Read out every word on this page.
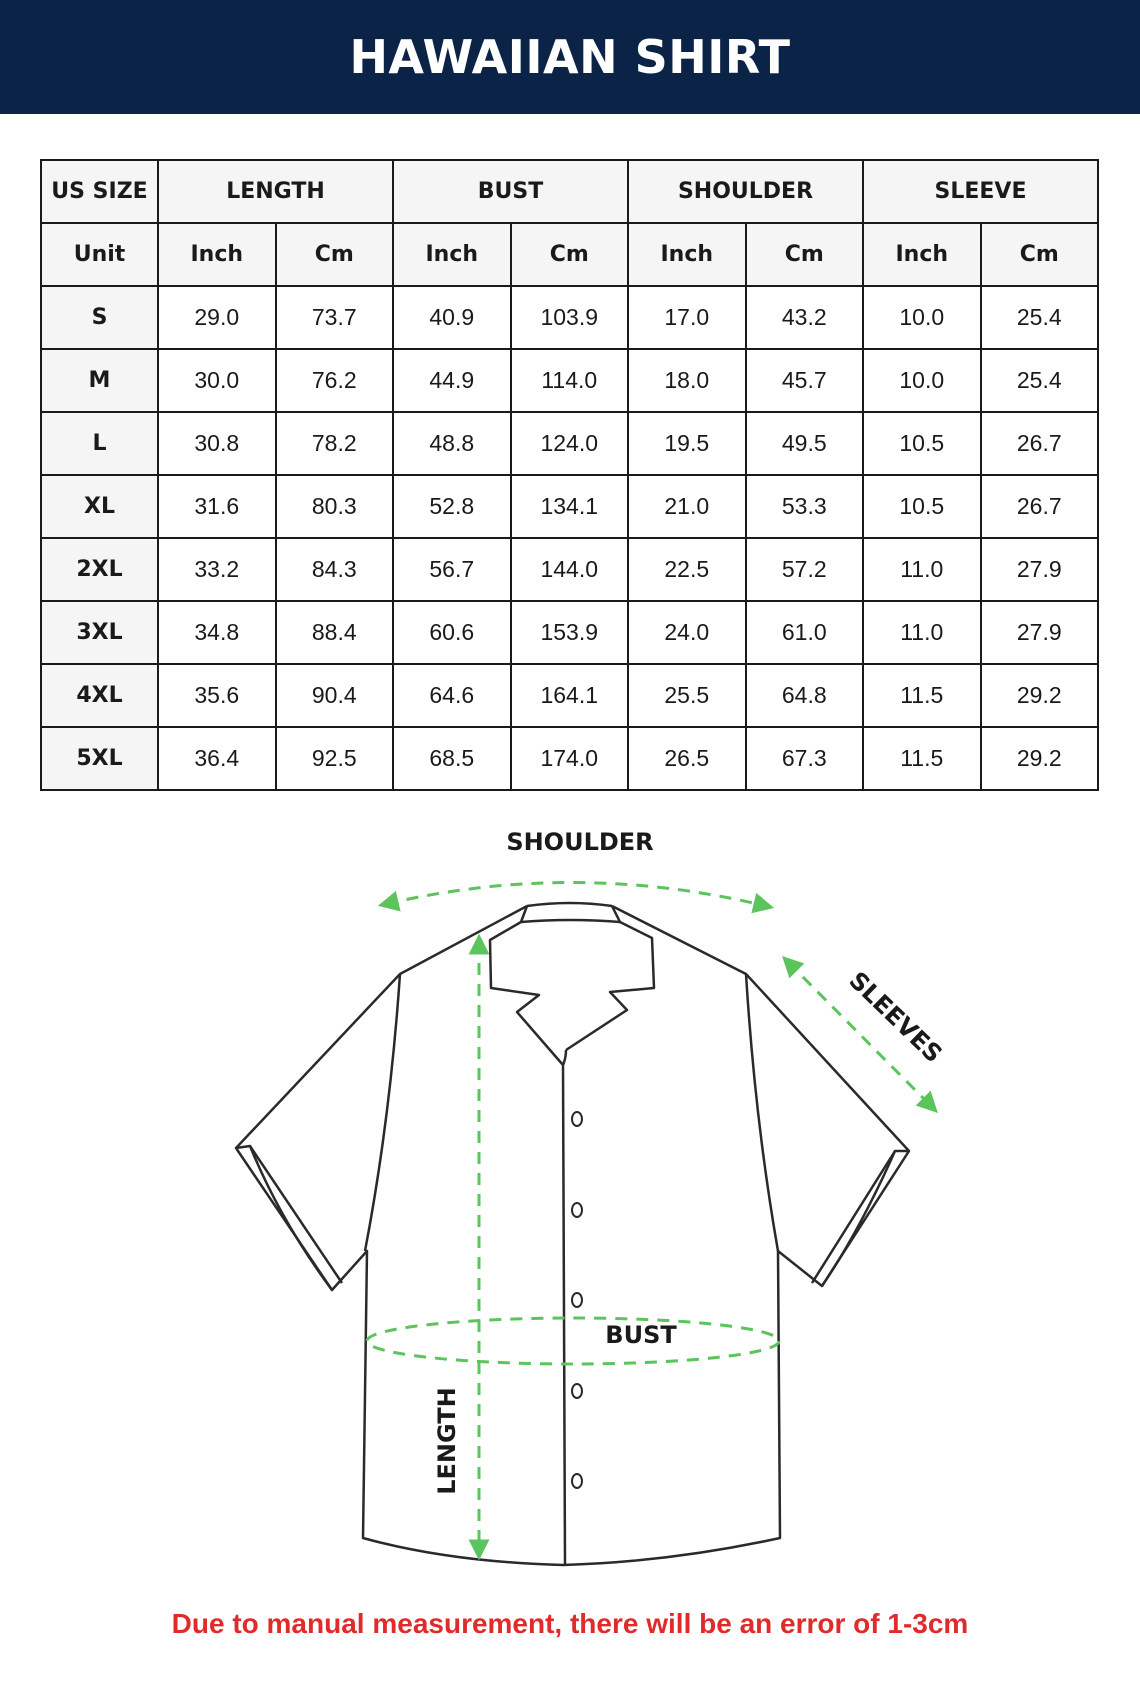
HAWAIIAN SHIRT
US SIZE	LENGTH		BUST		SHOULDER		SLEEVE	
Unit	Inch	Cm	Inch	Cm	Inch	Cm	Inch	Cm
S	29.0	73.7	40.9	103.9	17.0	43.2	10.0	25.4
M	30.0	76.2	44.9	114.0	18.0	45.7	10.0	25.4
L	30.8	78.2	48.8	124.0	19.5	49.5	10.5	26.7
XL	31.6	80.3	52.8	134.1	21.0	53.3	10.5	26.7
2XL	33.2	84.3	56.7	144.0	22.5	57.2	11.0	27.9
3XL	34.8	88.4	60.6	153.9	24.0	61.0	11.0	27.9
4XL	35.6	90.4	64.6	164.1	25.5	64.8	11.5	29.2
5XL	36.4	92.5	68.5	174.0	26.5	67.3	11.5	29.2
SHOULDER
SLEEVES
BUST
LENGTH
Due to manual measurement, there will be an error of 1-3cm
